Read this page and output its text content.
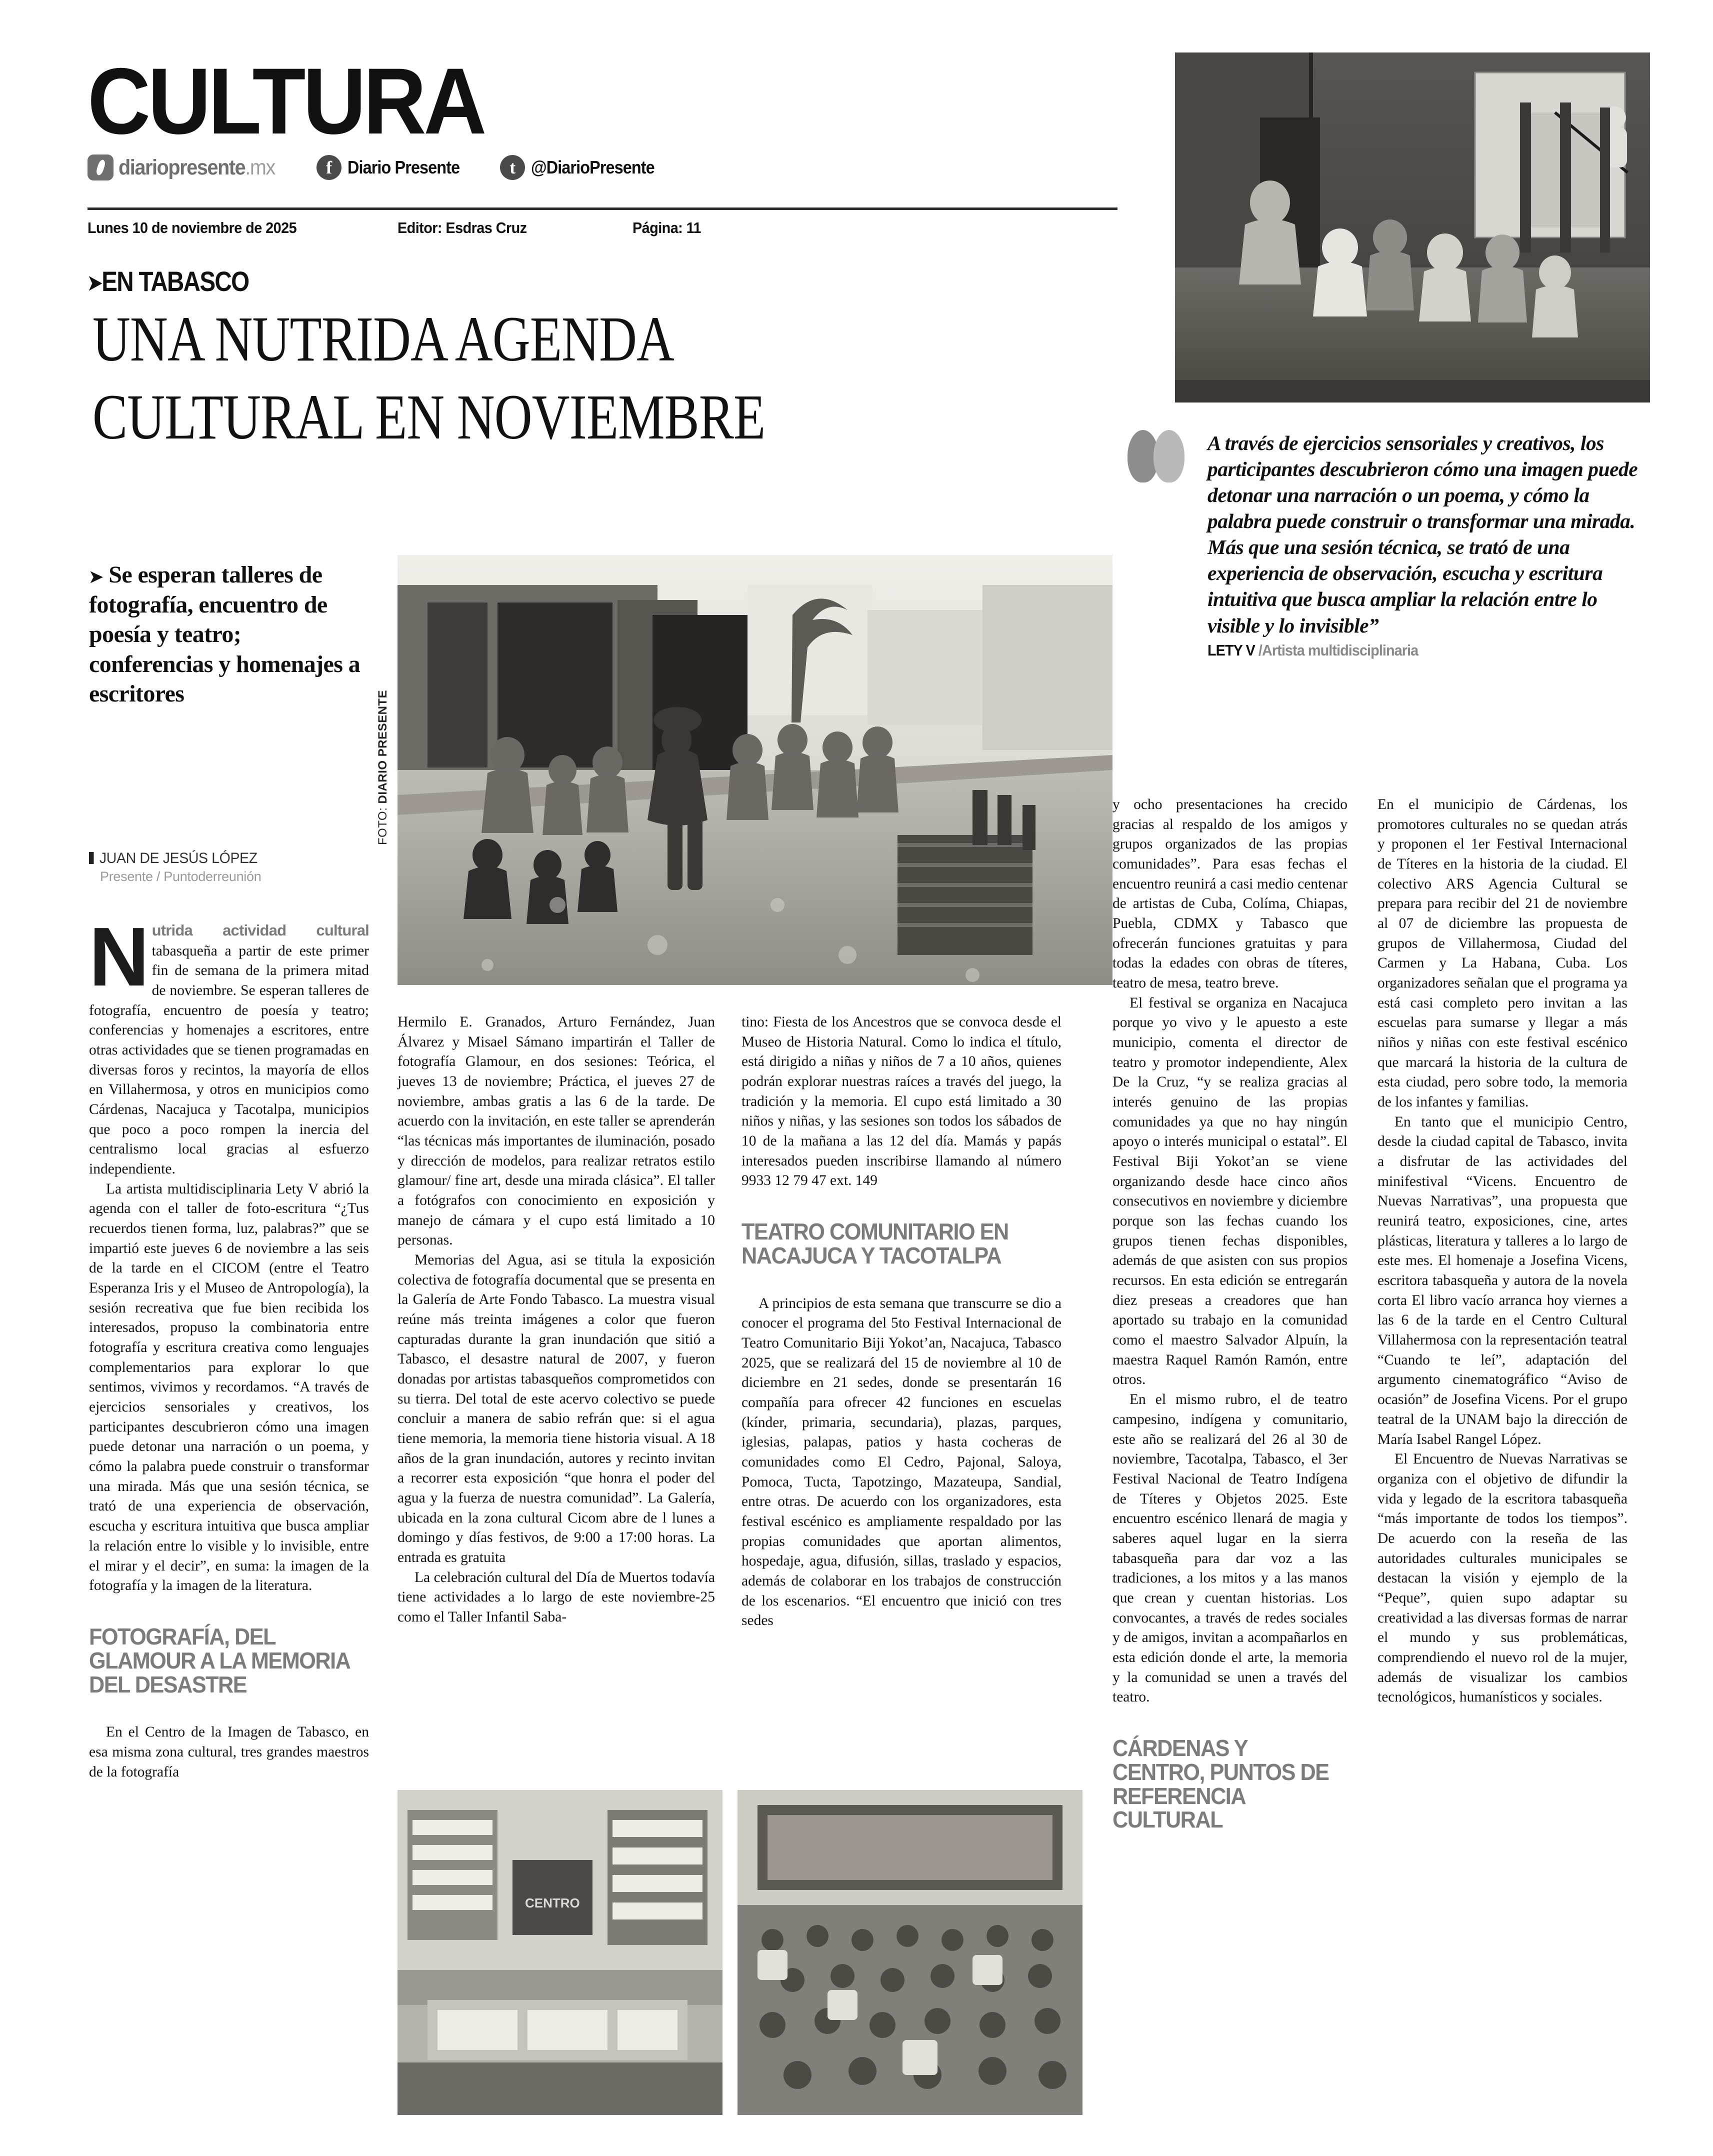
CULTURA
diariopresente.mx	f Diario Presente	t @DiarioPresente
Lunes 10 de noviembre de 2025	Editor: Esdras Cruz	Página: 11
➤EN TABASCO
UNA NUTRIDA AGENDA
CULTURAL EN NOVIEMBRE	A través de ejercicios sensoriales y creativos, los participantes descubrieron cómo una imagen puede detonar una narración o un poema, y cómo la palabra puede construir o transformar una mirada. Más que una sesión técnica, se trató de una experiencia de observación, escucha y escritura intuitiva que busca ampliar la relación entre lo visible y lo invisible”
LETY V /Artista multidisciplinaria
➤ Se esperan talleres de fotografía, encuentro de poesía y teatro; conferencias y homenajes a escritores
JUAN DE JESÚS LÓPEZ
Presente / Puntoderreunión
FOTO: DIARIO PRESENTE
CENTRO

Nutrida actividad cultural tabasqueña a partir de este primer fin de semana de la primera mitad de noviembre. Se esperan talleres de fotografía, encuentro de poesía y teatro; conferencias y homenajes a escritores, entre otras actividades que se tienen programadas en diversas foros y recintos, la mayoría de ellos en Villahermosa, y otros en municipios como Cárdenas, Nacajuca y Tacotalpa, municipios que poco a poco rompen la inercia del centralismo local gracias al esfuerzo independiente.

La artista multidisciplinaria Lety V abrió la agenda con el taller de foto-escritura “¿Tus recuerdos tienen forma, luz, palabras?” que se impartió este jueves 6 de noviembre a las seis de la tarde en el CICOM (entre el Teatro Esperanza Iris y el Museo de Antropología), la sesión recreativa que fue bien recibida los interesados, propuso la combinatoria entre fotografía y escritura creativa como lenguajes complementarios para explorar lo que sentimos, vivimos y recordamos. “A través de ejercicios sensoriales y creativos, los participantes descubrieron cómo una imagen puede detonar una narración o un poema, y cómo la palabra puede construir o transformar una mirada. Más que una sesión técnica, se trató de una experiencia de observación, escucha y escritura intuitiva que busca ampliar la relación entre lo visible y lo invisible, entre el mirar y el decir”, en suma: la imagen de la fotografía y la imagen de la literatura.

FOTOGRAFÍA, DEL GLAMOUR A LA MEMORIA DEL DESASTRE

En el Centro de la Imagen de Tabasco, en esa misma zona cultural, tres grandes maestros de la fotografía

Hermilo E. Granados, Arturo Fernández, Juan Álvarez y Misael Sámano impartirán el Taller de fotografía Glamour, en dos sesiones: Teórica, el jueves 13 de noviembre; Práctica, el jueves 27 de noviembre, ambas gratis a las 6 de la tarde. De acuerdo con la invitación, en este taller se aprenderán “las técnicas más importantes de iluminación, posado y dirección de modelos, para realizar retratos estilo glamour/ fine art, desde una mirada clásica”. El taller a fotógrafos con conocimiento en exposición y manejo de cámara y el cupo está limitado a 10 personas.

Memorias del Agua, asi se titula la exposición colectiva de fotografía documental que se presenta en la Galería de Arte Fondo Tabasco. La muestra visual reúne más treinta imágenes a color que fueron capturadas durante la gran inundación que sitió a Tabasco, el desastre natural de 2007, y fueron donadas por artistas tabasqueños comprometidos con su tierra. Del total de este acervo colectivo se puede concluir a manera de sabio refrán que: si el agua tiene memoria, la memoria tiene historia visual. A 18 años de la gran inundación, autores y recinto invitan a recorrer esta exposición “que honra el poder del agua y la fuerza de nuestra comunidad”. La Galería, ubicada en la zona cultural Cicom abre de l lunes a domingo y días festivos, de 9:00 a 17:00 horas. La entrada es gratuita

La celebración cultural del Día de Muertos todavía tiene actividades a lo largo de este noviembre-25 como el Taller Infantil Saba-

tino: Fiesta de los Ancestros que se convoca desde el Museo de Historia Natural. Como lo indica el título, está dirigido a niñas y niños de 7 a 10 años, quienes podrán explorar nuestras raíces a través del juego, la tradición y la memoria. El cupo está limitado a 30 niños y niñas, y las sesiones son todos los sábados de 10 de la mañana a las 12 del día. Mamás y papás interesados pueden inscribirse llamando al número 9933 12 79 47 ext. 149

TEATRO COMUNITARIO EN NACAJUCA Y TACOTALPA

A principios de esta semana que transcurre se dio a conocer el programa del 5to Festival Internacional de Teatro Comunitario Biji Yokot’an, Nacajuca, Tabasco 2025, que se realizará del 15 de noviembre al 10 de diciembre en 21 sedes, donde se presentarán 16 compañía para ofrecer 42 funciones en escuelas (kínder, primaria, secundaria), plazas, parques, iglesias, palapas, patios y hasta cocheras de comunidades como El Cedro, Pajonal, Saloya, Pomoca, Tucta, Tapotzingo, Mazateupa, Sandial, entre otras. De acuerdo con los organizadores, esta festival escénico es ampliamente respaldado por las propias comunidades que aportan alimentos, hospedaje, agua, difusión, sillas, traslado y espacios, además de colaborar en los trabajos de construcción de los escenarios. “El encuentro que inició con tres sedes

y ocho presentaciones ha crecido gracias al respaldo de los amigos y grupos organizados de las propias comunidades”. Para esas fechas el encuentro reunirá a casi medio centenar de artistas de Cuba, Colíma, Chiapas, Puebla, CDMX y Tabasco que ofrecerán funciones gratuitas y para todas la edades con obras de títeres, teatro de mesa, teatro breve.

El festival se organiza en Nacajuca porque yo vivo y le apuesto a este municipio, comenta el director de teatro y promotor independiente, Alex De la Cruz, “y se realiza gracias al interés genuino de las propias comunidades ya que no hay ningún apoyo o interés municipal o estatal”. El Festival Biji Yokot’an se viene organizando desde hace cinco años consecutivos en noviembre y diciembre porque son las fechas cuando los grupos tienen fechas disponibles, además de que asisten con sus propios recursos. En esta edición se entregarán diez preseas a creadores que han aportado su trabajo en la comunidad como el maestro Salvador Alpuín, la maestra Raquel Ramón Ramón, entre otros.

En el mismo rubro, el de teatro campesino, indígena y comunitario, este año se realizará del 26 al 30 de noviembre, Tacotalpa, Tabasco, el 3er Festival Nacional de Teatro Indígena de Títeres y Objetos 2025. Este encuentro escénico llenará de magia y saberes aquel lugar en la sierra tabasqueña para dar voz a las tradiciones, a los mitos y a las manos que crean y cuentan historias. Los convocantes, a través de redes sociales y de amigos, invitan a acompañarlos en esta edición donde el arte, la memoria y la comunidad se unen a través del teatro.

CÁRDENAS Y CENTRO, PUNTOS DE REFERENCIA CULTURAL

En el municipio de Cárdenas, los promotores culturales no se quedan atrás y proponen el 1er Festival Internacional de Títeres en la historia de la ciudad. El colectivo ARS Agencia Cultural se prepara para recibir del 21 de noviembre al 07 de diciembre las propuesta de grupos de Villahermosa, Ciudad del Carmen y La Habana, Cuba. Los organizadores señalan que el programa ya está casi completo pero invitan a las escuelas para sumarse y llegar a más niños y niñas con este festival escénico que marcará la historia de la cultura de esta ciudad, pero sobre todo, la memoria de los infantes y familias.

En tanto que el municipio Centro, desde la ciudad capital de Tabasco, invita a disfrutar de las actividades del minifestival “Vicens. Encuentro de Nuevas Narrativas”, una propuesta que reunirá teatro, exposiciones, cine, artes plásticas, literatura y talleres a lo largo de este mes. El homenaje a Josefina Vicens, escritora tabasqueña y autora de la novela corta El libro vacío arranca hoy viernes a las 6 de la tarde en el Centro Cultural Villahermosa con la representación teatral “Cuando te leí”, adaptación del argumento cinematográfico “Aviso de ocasión” de Josefina Vicens. Por el grupo teatral de la UNAM bajo la dirección de María Isabel Rangel López.

El Encuentro de Nuevas Narrativas se organiza con el objetivo de difundir la vida y legado de la escritora tabasqueña “más importante de todos los tiempos”. De acuerdo con la reseña de las autoridades culturales municipales se destacan la visión y ejemplo de la “Peque”, quien supo adaptar su creatividad a las diversas formas de narrar el mundo y sus problemáticas, comprendiendo el nuevo rol de la mujer, además de visualizar los cambios tecnológicos, humanísticos y sociales.
